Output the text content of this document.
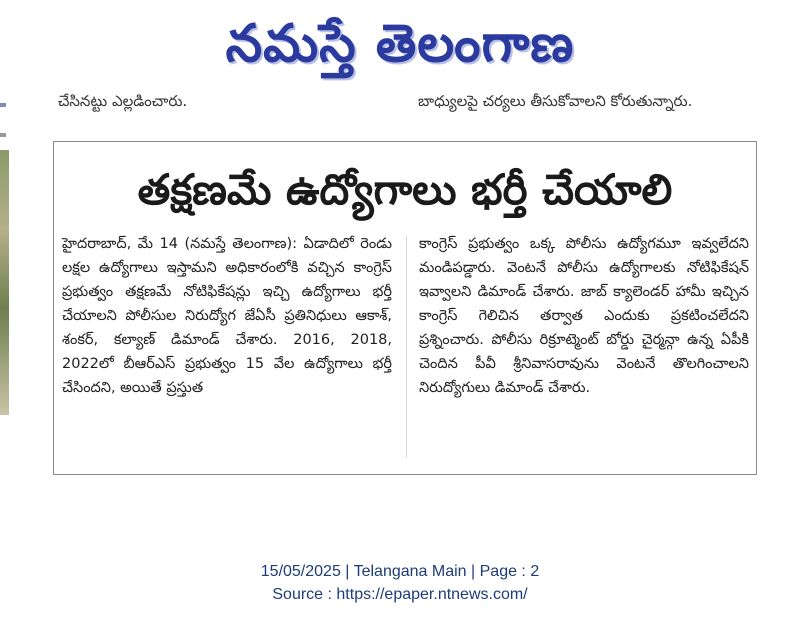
నమస్తే తెలంగాణ
చేసినట్టు ఎల్లడించారు.	బాధ్యులపై చర్యలు తీసుకోవాలని కోరుతున్నారు.
తక్షణమే ఉద్యోగాలు భర్తీ చేయాలి
హైదరాబాద్, మే 14 (నమస్తే తెలంగాణ): ఏడాదిలో రెండు లక్షల ఉద్యోగాలు ఇస్తామని అధికారంలోకి వచ్చిన కాంగ్రెస్ ప్రభుత్వం తక్షణమే నోటిఫికేషన్లు ఇచ్చి ఉద్యోగాలు భర్తీ చేయాలని పోలీసుల నిరుద్యోగ జేఏసీ ప్రతినిధులు ఆకాశ్, శంకర్, కల్యాణ్ డిమాండ్ చేశారు. 2016, 2018, 2022లో బీఆర్ఎస్ ప్రభుత్వం 15 వేల ఉద్యోగాలు భర్తీ చేసిందని, అయితే ప్రస్తుత
కాంగ్రెస్ ప్రభుత్వం ఒక్క పోలీసు ఉద్యోగమూ ఇవ్వలేదని మండిపడ్డారు. వెంటనే పోలీసు ఉద్యోగాలకు నోటిఫికేషన్ ఇవ్వాలని డిమాండ్ చేశారు. జాబ్ క్యాలెండర్ హామీ ఇచ్చిన కాంగ్రెస్ గెలిచిన తర్వాత ఎందుకు ప్రకటించలేదని ప్రశ్నించారు. పోలీసు రిక్రూట్మెంట్ బోర్డు చైర్మన్గా ఉన్న ఏపీకి చెందిన పీవీ శ్రీనివాసరావును వెంటనే తొలగించాలని నిరుద్యోగులు డిమాండ్ చేశారు.
15/05/2025 | Telangana Main | Page : 2
Source : https://epaper.ntnews.com/
